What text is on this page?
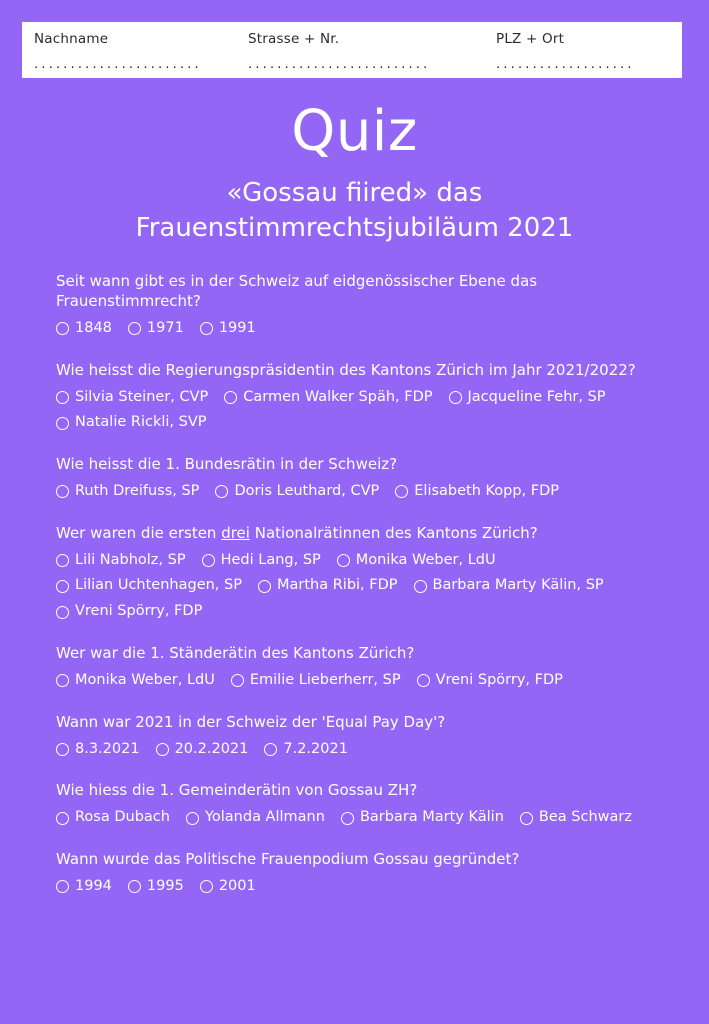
Nachname
.......................
Strasse + Nr.
.........................
PLZ + Ort
...................
Quiz
«Gossau fiired» das
Frauenstimmrechtsjubiläum 2021
Seit wann gibt es in der Schweiz auf eidgenössischer Ebene das Frauenstimmrecht?
1848 1971 1991
Wie heisst die Regierungspräsidentin des Kantons Zürich im Jahr 2021/2022?
Silvia Steiner, CVP Carmen Walker Späh, FDP Jacqueline Fehr, SP
Natalie Rickli, SVP
Wie heisst die 1. Bundesrätin in der Schweiz?
Ruth Dreifuss, SP Doris Leuthard, CVP Elisabeth Kopp, FDP
Wer waren die ersten drei Nationalrätinnen des Kantons Zürich?
Lili Nabholz, SP Hedi Lang, SP Monika Weber, LdU
Lilian Uchtenhagen, SP Martha Ribi, FDP Barbara Marty Kälin, SP
Vreni Spörry, FDP
Wer war die 1. Ständerätin des Kantons Zürich?
Monika Weber, LdU Emilie Lieberherr, SP Vreni Spörry, FDP
Wann war 2021 in der Schweiz der 'Equal Pay Day'?
8.3.2021 20.2.2021 7.2.2021
Wie hiess die 1. Gemeinderätin von Gossau ZH?
Rosa Dubach Yolanda Allmann Barbara Marty Kälin Bea Schwarz
Wann wurde das Politische Frauenpodium Gossau gegründet?
1994 1995 2001
